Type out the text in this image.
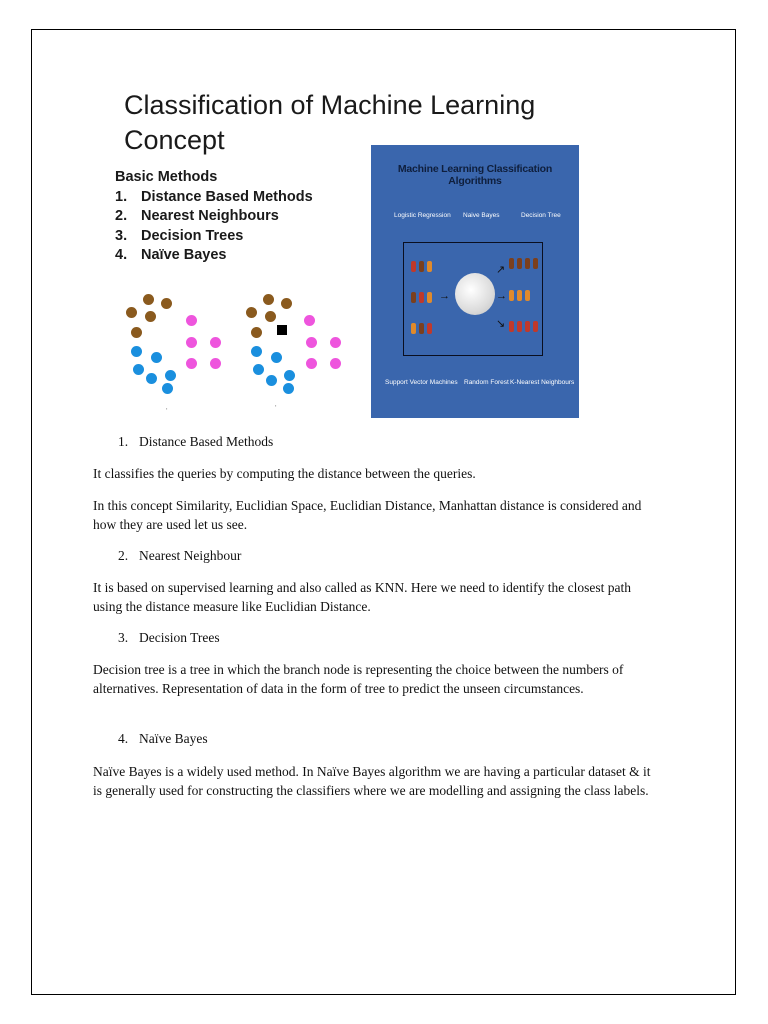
Classification of Machine Learning Concept
Basic Methods
1. Distance Based Methods
2. Nearest Neighbours
3. Decision Trees
4. Naïve Bayes
▪
▪
Machine Learning Classification Algorithms
Logistic Regression Naive Bayes	Decision Tree
→
↗
→
↘
Support Vector Machines Random Forest K-Nearest Neighbours

1. Distance Based Methods

It classifies the queries by computing the distance between the queries.

In this concept Similarity, Euclidian Space, Euclidian Distance, Manhattan distance is considered and how they are used let us see.

2. Nearest Neighbour

It is based on supervised learning and also called as KNN. Here we need to identify the closest path using the distance measure like Euclidian Distance.

3. Decision Trees

Decision tree is a tree in which the branch node is representing the choice between the numbers of alternatives. Representation of data in the form of tree to predict the unseen circumstances.

4. Naïve Bayes

Naïve Bayes is a widely used method. In Naïve Bayes algorithm we are having a particular dataset & it is generally used for constructing the classifiers where we are modelling and assigning the class labels.
